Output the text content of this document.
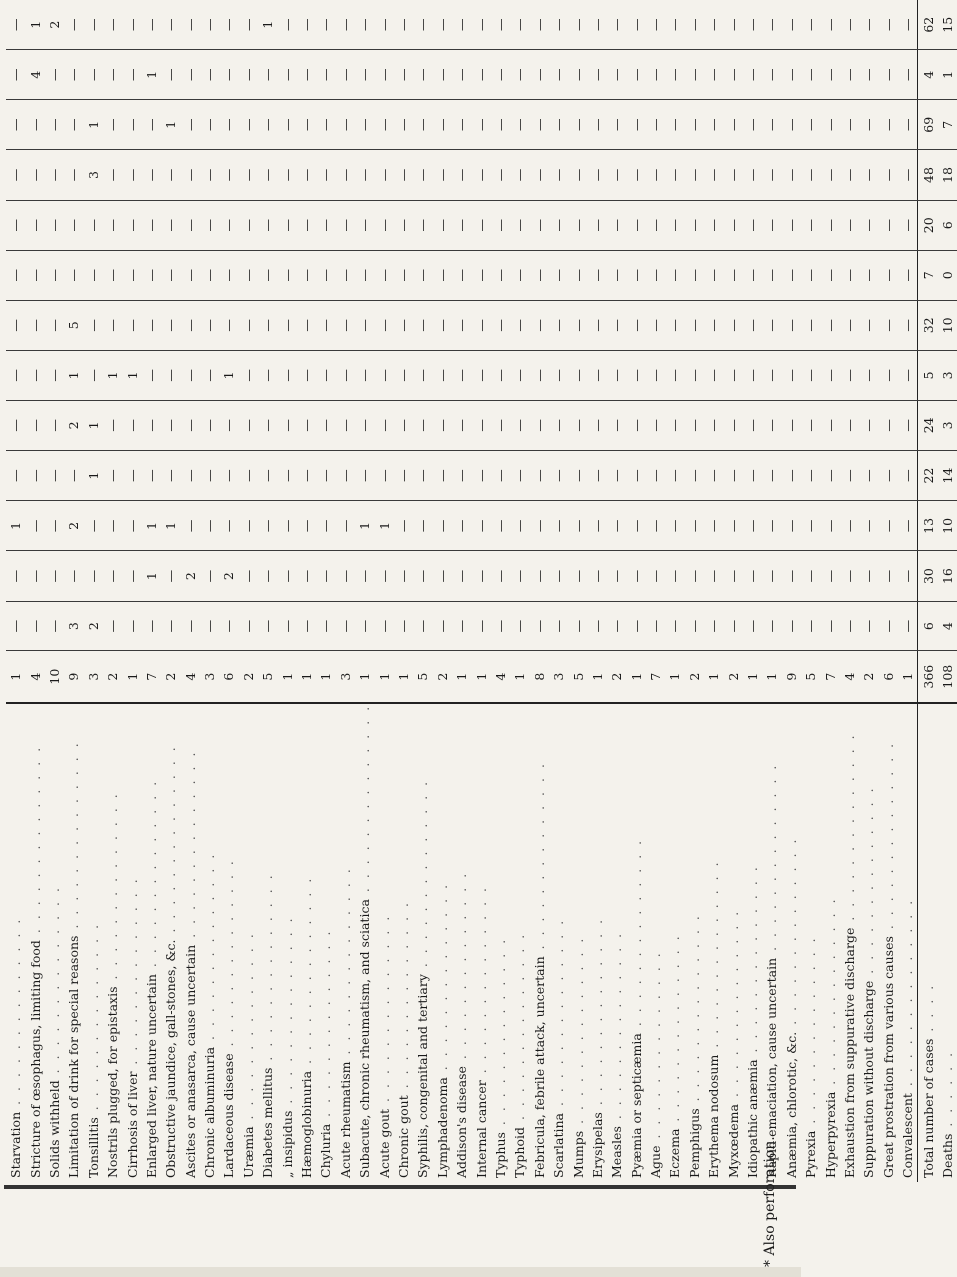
Starvation . . . . . . . . . . . . . .	1	—	—	1	—	—	—	—	—	—	—	—	—	—
Stricture of œsophagus, limiting food . . . . . . . . . . . . . .	4	—	—	—	—	—	—	—	—	—	—	—	4	1
Solids withheld . . . . . . . . . . . . . .	10	—	—	—	—	—	—	—	—	—	—	—	—	2
Limitation of drink for special reasons . . . . . . . . . . . . . .	9	3	—	2	—	2	1	5	—	—	—	—	—	—
Tonsillitis . . . . . . . . . . . . . .	3	2	—	—	1	1	—	—	—	—	3	1	—	—
Nostrils plugged, for epistaxis . . . . . . . . . . . . . .	2	—	—	—	—	—	1	—	—	—	—	—	—	—
Cirrhosis of liver . . . . . . . . . . . . . .	1	—	—	—	—	—	1	—	—	—	—	—	—	—
Enlarged liver, nature uncertain . . . . . . . . . . . . . .	7	—	1	1	—	—	—	—	—	—	—	—	1	—
Obstructive jaundice, gall-stones, &c. . . . . . . . . . . . . . .	2	—	—	1	—	—	—	—	—	—	—	1	—	—
Ascites or anasarca, cause uncertain . . . . . . . . . . . . . .	4	—	2	—	—	—	—	—	—	—	—	—	—	—
Chronic albuminuria . . . . . . . . . . . . . .	3	—	—	—	—	—	—	—	—	—	—	—	—	—
Lardaceous disease . . . . . . . . . . . . . .	6	—	2	—	—	—	1	—	—	—	—	—	—	—
Uræmia . . . . . . . . . . . . . .	2	—	—	—	—	—	—	—	—	—	—	—	—	—
Diabetes mellitus . . . . . . . . . . . . . .	5	—	—	—	—	—	—	—	—	—	—	—	—	1
„ insipidus . . . . . . . . . . . . . .	1	—	—	—	—	—	—	—	—	—	—	—	—	—
Hæmoglobinuria . . . . . . . . . . . . . .	1	—	—	—	—	—	—	—	—	—	—	—	—	—
Chyluria . . . . . . . . . . . . . .	1	—	—	—	—	—	—	—	—	—	—	—	—	—
Acute rheumatism . . . . . . . . . . . . . .	3	—	—	—	—	—	—	—	—	—	—	—	—	—
Subacute, chronic rheumatism, and sciatica . . . . . . . . . . . . . .	1	—	—	1	—	—	—	—	—	—	—	—	—	—
Acute gout . . . . . . . . . . . . . .	1	—	—	1	—	—	—	—	—	—	—	—	—	—
Chronic gout . . . . . . . . . . . . . .	1	—	—	—	—	—	—	—	—	—	—	—	—	—
Syphilis, congenital and tertiary . . . . . . . . . . . . . .	5	—	—	—	—	—	—	—	—	—	—	—	—	—
Lymphadenoma . . . . . . . . . . . . . .	2	—	—	—	—	—	—	—	—	—	—	—	—	—
Addison's disease . . . . . . . . . . . . . .	1	—	—	—	—	—	—	—	—	—	—	—	—	—
Internal cancer . . . . . . . . . . . . . .	1	—	—	—	—	—	—	—	—	—	—	—	—	—
Typhus . . . . . . . . . . . . . .	4	—	—	—	—	—	—	—	—	—	—	—	—	—
Typhoid . . . . . . . . . . . . . .	1	—	—	—	—	—	—	—	—	—	—	—	—	—
Febricula, febrile attack, uncertain . . . . . . . . . . . . . .	8	—	—	—	—	—	—	—	—	—	—	—	—	—
Scarlatina . . . . . . . . . . . . . .	3	—	—	—	—	—	—	—	—	—	—	—	—	—
Mumps . . . . . . . . . . . . . .	5	—	—	—	—	—	—	—	—	—	—	—	—	—
Erysipelas . . . . . . . . . . . . . .	1	—	—	—	—	—	—	—	—	—	—	—	—	—
Measles . . . . . . . . . . . . . .	2	—	—	—	—	—	—	—	—	—	—	—	—	—
Pyæmia or septicæmia . . . . . . . . . . . . . .	1	—	—	—	—	—	—	—	—	—	—	—	—	—
Ague . . . . . . . . . . . . . .	7	—	—	—	—	—	—	—	—	—	—	—	—	—
Eczema . . . . . . . . . . . . . .	1	—	—	—	—	—	—	—	—	—	—	—	—	—
Pemphigus . . . . . . . . . . . . . .	2	—	—	—	—	—	—	—	—	—	—	—	—	—
Erythema nodosum . . . . . . . . . . . . . .	1	—	—	—	—	—	—	—	—	—	—	—	—	—
Myxœdema . . . . . . . . . . . . . .	2	—	—	—	—	—	—	—	—	—	—	—	—	—
Idiopathic anæmia . . . . . . . . . . . . . .	1	—	—	—	—	—	—	—	—	—	—	—	—	—
Rapid emaciation, cause uncertain . . . . . . . . . . . . . .	1	—	—	—	—	—	—	—	—	—	—	—	—	—
Anæmia, chlorotic, &c. . . . . . . . . . . . . . .	9	—	—	—	—	—	—	—	—	—	—	—	—	—
Pyrexia . . . . . . . . . . . . . .	5	—	—	—	—	—	—	—	—	—	—	—	—	—
Hyperpyrexia . . . . . . . . . . . . . .	7	—	—	—	—	—	—	—	—	—	—	—	—	—
Exhaustion from suppurative discharge . . . . . . . . . . . . . .	4	—	—	—	—	—	—	—	—	—	—	—	—	—
Suppuration without discharge . . . . . . . . . . . . . .	2	—	—	—	—	—	—	—	—	—	—	—	—	—
Great prostration from various causes . . . . . . . . . . . . . .	6	—	—	—	—	—	—	—	—	—	—	—	—	—
Convalescent . . . . . . . . . . . . . .	1	—	—	—	—	—	—	—	—	—	—	—	—	—
Total number of cases . . . .	366	6	30	13	22	24	5	32	7	20	48	69	4	62
Deaths . . . . . .	108	4	16	10	14	3	3	10	0	6	18	7	1	15
* Also perforation.
